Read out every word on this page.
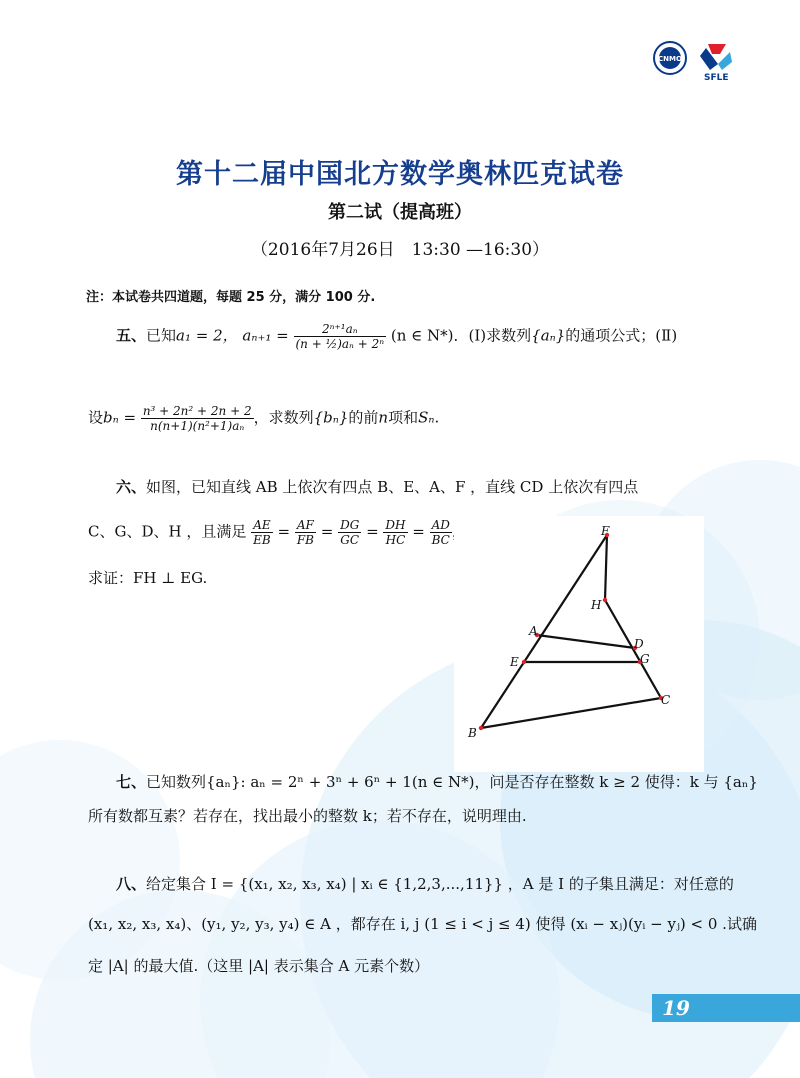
CNMO
SFLE
第十二届中国北方数学奥林匹克试卷
第二试（提高班）
（2016年7月26日　13:30 —16:30）
注：本试卷共四道题，每题 25 分，满分 100 分.
五、已知a₁ = 2， $a_{n+1} = \frac{\text{2ⁿ⁺¹aₙ}}{\text{(n + ½)aₙ + 2ⁿ}} (n$ ∈ N*)．(Ⅰ)求数列{aₙ}的通项公式；(Ⅱ)
设$b_n = \frac{\text{n³ + 2n² + 2n + 2}}{\text{n(n+1)(n²+1)aₙ}}$ ，求数列{bₙ}的前n项和Sₙ.
六、如图，已知直线 AB 上依次有四点 B、E、A、F ，直线 CD 上依次有四点
C、G、D、H ，且满足 $\frac{AE}{EB} = \frac{AF}{FB} = \frac{DG}{GC} = \frac{DH}{HC} = \frac{AD}{BC}$ ，
求证：FH ⊥ EG.
F
H
A
D
E	G
C
B
七、已知数列{aₙ}: aₙ = 2ⁿ + 3ⁿ + 6ⁿ + 1(n ∈ N*)，问是否存在整数 k ≥ 2 使得：k 与 {aₙ}
所有数都互素？若存在，找出最小的整数 k；若不存在，说明理由.
八、给定集合 I = {(x₁, x₂, x₃, x₄) | xᵢ ∈ {1,2,3,...,11}} ，A 是 I 的子集且满足：对任意的
(x₁, x₂, x₃, x₄)、(y₁, y₂, y₃, y₄) ∈ A ，都存在 i, j (1 ≤ i < j ≤ 4) 使得 (xᵢ − xⱼ)(yᵢ − yⱼ) < 0 .试确
定 |A| 的最大值.（这里 |A| 表示集合 A 元素个数）
19
